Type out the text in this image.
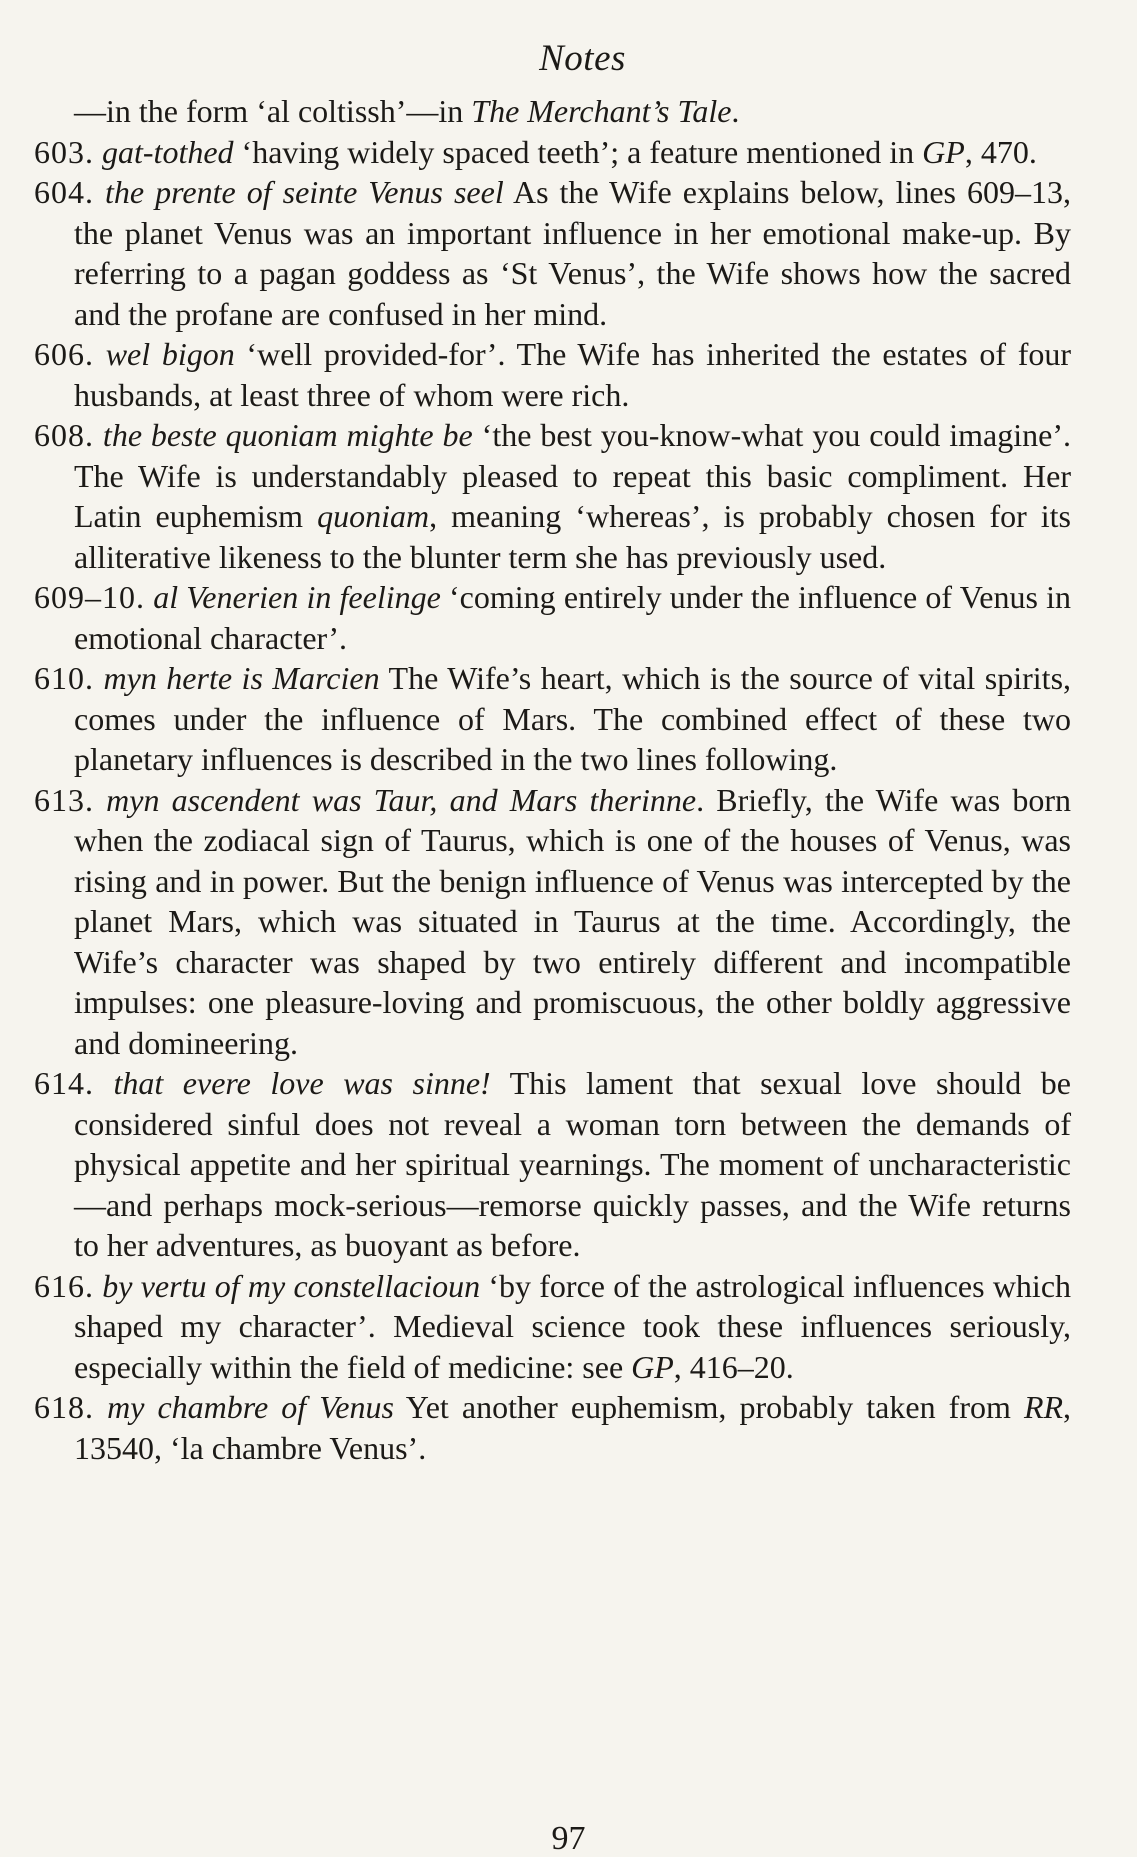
Notes

—in the form ‘al coltissh’—in The Merchant’s Tale.

603. gat-tothed ‘having widely spaced teeth’; a feature mentioned in GP, 470.

604. the prente of seinte Venus seel As the Wife explains below, lines 609–13, the planet Venus was an important influence in her emotional make-up. By referring to a pagan goddess as ‘St Venus’, the Wife shows how the sacred and the profane are confused in her mind.

606. wel bigon ‘well provided-for’. The Wife has inherited the estates of four husbands, at least three of whom were rich.

608. the beste quoniam mighte be ‘the best you-know-what you could imagine’. The Wife is understandably pleased to repeat this basic compliment. Her Latin euphemism quoniam, meaning ‘whereas’, is probably chosen for its alliterative likeness to the blunter term she has previously used.

609–10. al Venerien in feelinge ‘coming entirely under the influence of Venus in emotional character’.

610. myn herte is Marcien The Wife’s heart, which is the source of vital spirits, comes under the influence of Mars. The combined effect of these two planetary influences is described in the two lines following.

613. myn ascendent was Taur, and Mars therinne. Briefly, the Wife was born when the zodiacal sign of Taurus, which is one of the houses of Venus, was rising and in power. But the benign influence of Venus was intercepted by the planet Mars, which was situated in Taurus at the time. Accordingly, the Wife’s character was shaped by two entirely different and incompatible impulses: one pleasure-loving and promiscuous, the other boldly aggressive and domineering.

614. that evere love was sinne! This lament that sexual love should be considered sinful does not reveal a woman torn between the demands of physical appetite and her spiritual yearnings. The moment of uncharacteristic—and perhaps mock-serious—remorse quickly passes, and the Wife returns to her adventures, as buoyant as before.

616. by vertu of my constellacioun ‘by force of the astrological influences which shaped my character’. Medieval science took these influences seriously, especially within the field of medicine: see GP, 416–20.

618. my chambre of Venus Yet another euphemism, probably taken from RR, 13540, ‘la chambre Venus’.

97
